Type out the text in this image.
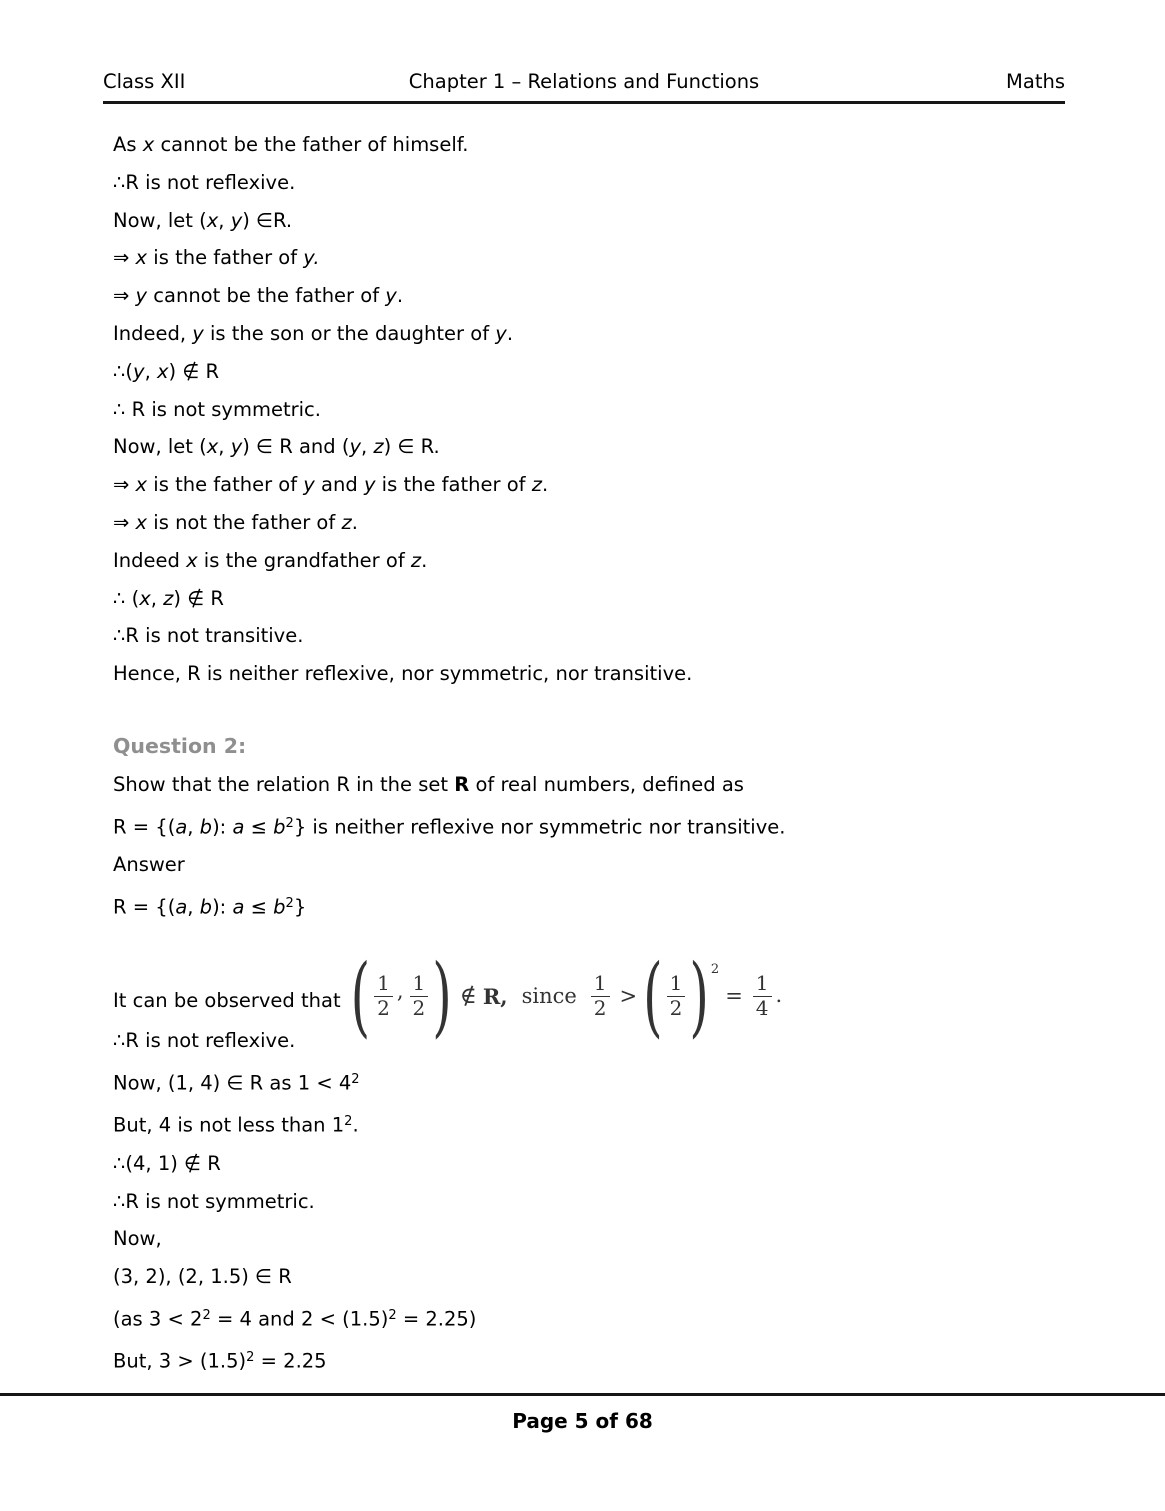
Class XII	Chapter 1 – Relations and Functions	Maths
As x cannot be the father of himself.
∴R is not reflexive.
Now, let (x, y) ∈R.
⇒ x is the father of y.
⇒ y cannot be the father of y.
Indeed, y is the son or the daughter of y.
∴(y, x) ∉ R
∴ R is not symmetric.
Now, let (x, y) ∈ R and (y, z) ∈ R.
⇒ x is the father of y and y is the father of z.
⇒ x is not the father of z.
Indeed x is the grandfather of z.
∴ (x, z) ∉ R
∴R is not transitive.
Hence, R is neither reflexive, nor symmetric, nor transitive.
Question 2:
Show that the relation R in the set R of real numbers, defined as
R = {(a, b): $a \le b^2$} is neither reflexive nor symmetric nor transitive.
Answer
R = {(a, b): $a \le b^2$}
It can be observed that ( $\frac{1}{2}$ , $\frac{1}{2}$ ) ∉ R, since $\frac{1}{2}$ > ( $\frac{1}{2}$ ) 2
= $\frac{1}{4}$ .
∴R is not reflexive.
Now, (1, 4) ∈ R as $1 < 4^2$
But, 4 is not less than $1^2$.
∴(4, 1) ∉ R
∴R is not symmetric.
Now,
(3, 2), (2, 1.5) ∈ R
(as $3 < 2^2 = 4$ and $2 < (1.5)^2 = 2.25$)
But, $3 > (1.5)^2 = 2.25$
Page 5 of 68
